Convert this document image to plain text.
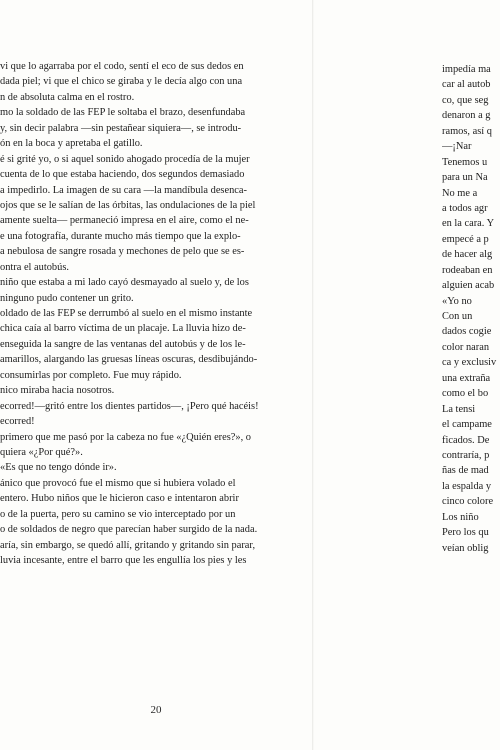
vi que lo agarraba por el codo, sentí el eco de sus dedos en
dada piel; vi que el chico se giraba y le decía algo con una
n de absoluta calma en el rostro.
mo la soldado de las FEP le soltaba el brazo, desenfundaba
y, sin decir palabra —sin pestañear siquiera—, se introdu-
ón en la boca y apretaba el gatillo.
é si grité yo, o si aquel sonido ahogado procedía de la mujer
cuenta de lo que estaba haciendo, dos segundos demasiado
a impedirlo. La imagen de su cara —la mandíbula desenca-
ojos que se le salían de las órbitas, las ondulaciones de la piel
amente suelta— permaneció impresa en el aire, como el ne-
e una fotografía, durante mucho más tiempo que la explo-
a nebulosa de sangre rosada y mechones de pelo que se es-
ontra el autobús.
niño que estaba a mi lado cayó desmayado al suelo y, de los
ninguno pudo contener un grito.
oldado de las FEP se derrumbó al suelo en el mismo instante
chica caía al barro víctima de un placaje. La lluvia hizo de-
enseguida la sangre de las ventanas del autobús y de los le-
amarillos, alargando las gruesas líneas oscuras, desdibujándo-
consumirlas por completo. Fue muy rápido.
nico miraba hacia nosotros.
ecorred!—gritó entre los dientes partidos—, ¡Pero qué hacéis!
ecorred!
primero que me pasó por la cabeza no fue «¿Quién eres?», o
quiera «¿Por qué?».
«Es que no tengo dónde ir».
ánico que provocó fue el mismo que si hubiera volado el
entero. Hubo niños que le hicieron caso e intentaron abrir
o de la puerta, pero su camino se vio interceptado por un
o de soldados de negro que parecían haber surgido de la nada.
aría, sin embargo, se quedó allí, gritando y gritando sin parar,
luvia incesante, entre el barro que les engullía los pies y les
20
impedía ma
car al autob
co, que seg
denaron a g
ramos, así q
—¡Nar
Tenemos u
para un Na
No me a
a todos agr
en la cara. Y
empecé a p
de hacer alg
rodeaban en
alguien acab
«Yo no
Con un
dados cogie
color naran
ca y exclusiv
una extraña
como el bo
La tensi
el campame
ficados. De
contraría, p
ñas de mad
la espalda y
cinco colore
Los niño
Pero los qu
veían oblig
